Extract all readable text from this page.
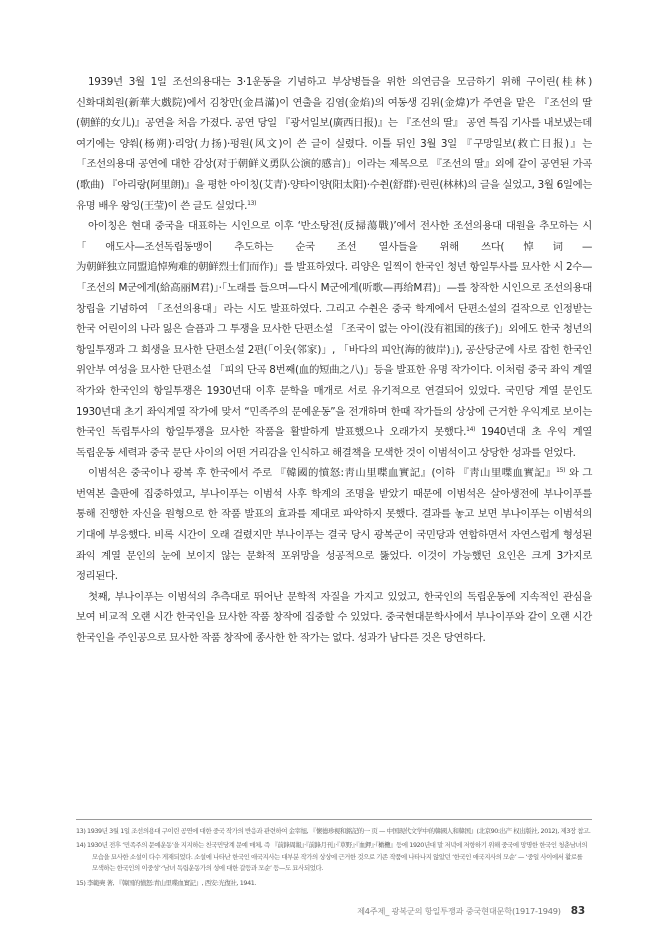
1939년 3월 1일 조선의용대는 3·1운동을 기념하고 부상병들을 위한 의연금을 모금하기 위해 구이린(桂林) 신화대희원(新華大戲院)에서 김창만(金昌滿)이 연출을 김염(金焰)의 여동생 김위(金煒)가 주연을 맡은 『조선의 딸(朝鮮的女儿)』공연을 처음 가졌다. 공연 당일 『광서일보(廣西日报)』는 『조선의 딸』 공연 특집 기사를 내보냈는데 여기에는 양쒀(杨朔)·리앙(力扬)·펑원(风文)이 쓴 글이 실렸다. 이틀 뒤인 3월 3일 『구망일보(救亡日报)』는 「조선의용대 공연에 대한 감상(对于朝鲜义勇队公演的感言)」이라는 제목으로 『조선의 딸』외에 같이 공연된 가곡(歌曲) 『아리랑(阿里朗)』을 평한 아이칭(艾青)·양타이양(阳太阳)·수췬(舒群)·린린(林林)의 글을 실었고, 3월 6일에는 유명 배우 왕잉(王莹)이 쓴 글도 실었다.$^{13)}$

아이칭은 현대 중국을 대표하는 시인으로 이후 ‘반소탕전(反掃蕩戰)’에서 전사한 조선의용대 대원을 추모하는 시 「애도사—조선독립동맹이 추도하는 순국 조선 열사들을 위해 쓰다(悼词—为朝鲜独立同盟追悼殉难的朝鲜烈士们而作)」를 발표하였다. 리양은 일찍이 한국인 청년 항일투사를 묘사한 시 2수— 「조선의 M군에게(給高丽M君)」·「노래를 들으며—다시 M군에게(听歌—再给M君)」—를 창작한 시인으로 조선의용대 창립을 기념하여 「조선의용대」라는 시도 발표하였다. 그리고 수췬은 중국 학계에서 단편소설의 걸작으로 인정받는 한국 어린이의 나라 잃은 슬픔과 그 투쟁을 묘사한 단편소설 「조국이 없는 아이(没有祖国的孩子)」외에도 한국 청년의 항일투쟁과 그 희생을 묘사한 단편소설 2편(「이웃(邻家)」, 「바다의 피안(海的彼岸)」), 공산당군에 사로 잡힌 한국인 위안부 여성을 묘사한 단편소설 「피의 단곡 8번째(血的短曲之八)」등을 발표한 유명 작가이다. 이처럼 중국 좌익 계열 작가와 한국인의 항일투쟁은 1930년대 이후 문학을 매개로 서로 유기적으로 연결되어 있었다. 국민당 계열 문인도 1930년대 초기 좌익계열 작가에 맞서 “민족주의 문예운동”을 전개하며 한때 작가들의 상상에 근거한 우익계로 보이는 한국인 독립투사의 항일투쟁을 묘사한 작품을 활발하게 발표했으나 오래가지 못했다.$^{14)}$ 1940년대 초 우익 계열 독립운동 세력과 중국 문단 사이의 어떤 거리감을 인식하고 해결책을 모색한 것이 이범석이고 상당한 성과를 얻었다.

이범석은 중국이나 광복 후 한국에서 주로 『韓國的憤怒:靑山里喋血實記』(이하 『靑山里喋血實記』$^{15)}$ 와 그 번역본 출판에 집중하였고, 부나이푸는 이범석 사후 학계의 조명을 받았기 때문에 이범석은 살아생전에 부나이푸를 통해 진행한 자신을 원형으로 한 작품 발표의 효과를 제대로 파악하지 못했다. 결과를 놓고 보면 부나이푸는 이범석의 기대에 부응했다. 비록 시간이 오래 걸렸지만 부나이푸는 결국 당시 광복군이 국민당과 연합하면서 자연스럽게 형성된 좌익 계열 문인의 눈에 보이지 않는 문화적 포위망을 성공적으로 뚫었다. 이것이 가능했던 요인은 크게 3가지로 정리된다.

첫째, 부나이푸는 이범석의 추측대로 뛰어난 문학적 자질을 가지고 있었고, 한국인의 독립운동에 지속적인 관심을 보여 비교적 오랜 시간 한국인을 묘사한 작품 창작에 집중할 수 있었다. 중국현대문학사에서 부나이푸와 같이 오랜 시간 한국인을 주인공으로 묘사한 작품 창작에 종사한 한 작가는 없다. 성과가 남다른 것은 당연하다.

13) 1939년 3월 1일 조선의용대 구이린 공연에 대한 중국 작가의 반응과 관련하여 金宰旭, 『懷德珍視和銘記的一 页 — 中国现代文学中的韓國人和韓国』(北京90:出产 权出版社, 2012), 제3장 참고.

14) 1930년 전후 ‘민족주의 문예운동’을 지지하는 친국민당계 문예 매체, 즉 『前鋒周報』·『前鋒月刊』·『草野』·『血鉀』·『橄欖』등에 1920년대 말 저녁에 저항하기 위해 중국에 망명한 한국인 청춘남녀의 모습을 묘사한 소설이 다수 게재되었다. 소설에 나타난 한국인 애국지사는 대부분 작가의 상상에 근거한 것으로 기존 작품에 나타나지 않았던 ‘한국인 애국지사의 모순’ — ‘중일 사이에서 활로를 모색하는 한국인의 이중성’·‘남녀 독립운동가의 성에 대한 갈등과 모순’ 등—도 묘사되었다.

15) 李範奭 著, 『韓国的憤怒:青山里喋血實記』, 西安:光復社, 1941.

제4주제_ 광복군의 항일투쟁과 중국현대문학(1917-1949) 83
